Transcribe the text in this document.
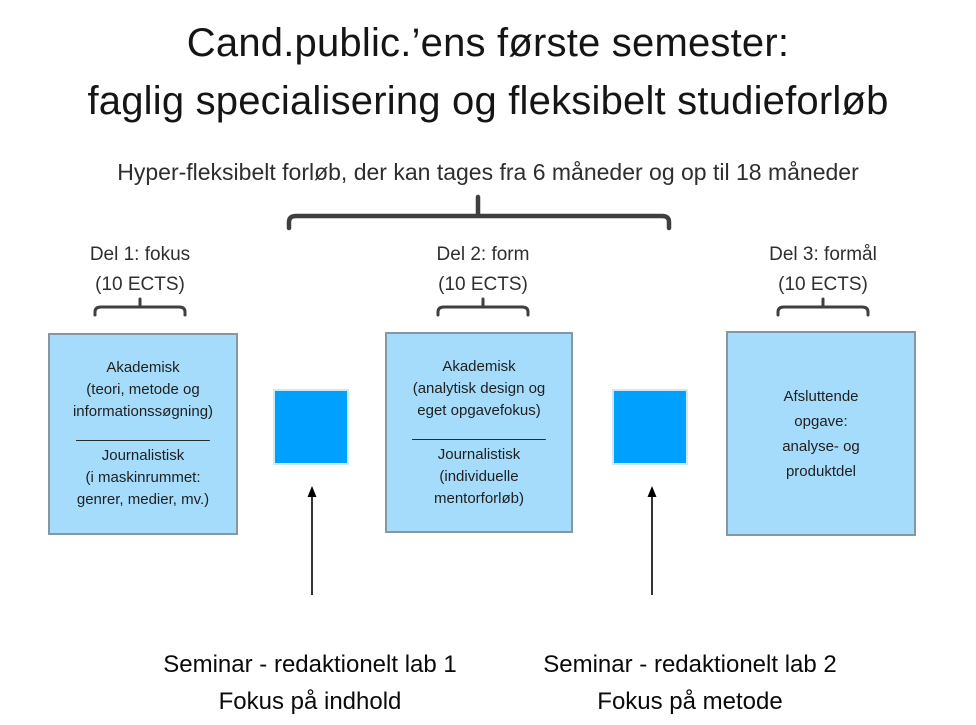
Cand.public.’ens første semester:
faglig specialisering og fleksibelt studieforløb
Hyper-fleksibelt forløb, der kan tages fra 6 måneder og op til 18 måneder
Del 1: fokus
(10 ECTS)
Del 2: form
(10 ECTS)
Del 3: formål
(10 ECTS)
Akademisk
(teori, metode og
informationssøgning)
________________
Journalistisk
(i maskinrummet:
genrer, medier, mv.)
Akademisk
(analytisk design og
eget opgavefokus)
________________
Journalistisk
(individuelle
mentorforløb)
Afsluttende
opgave:
analyse- og
produktdel
Seminar - redaktionelt lab 1
Fokus på indhold
Seminar - redaktionelt lab 2
Fokus på metode
